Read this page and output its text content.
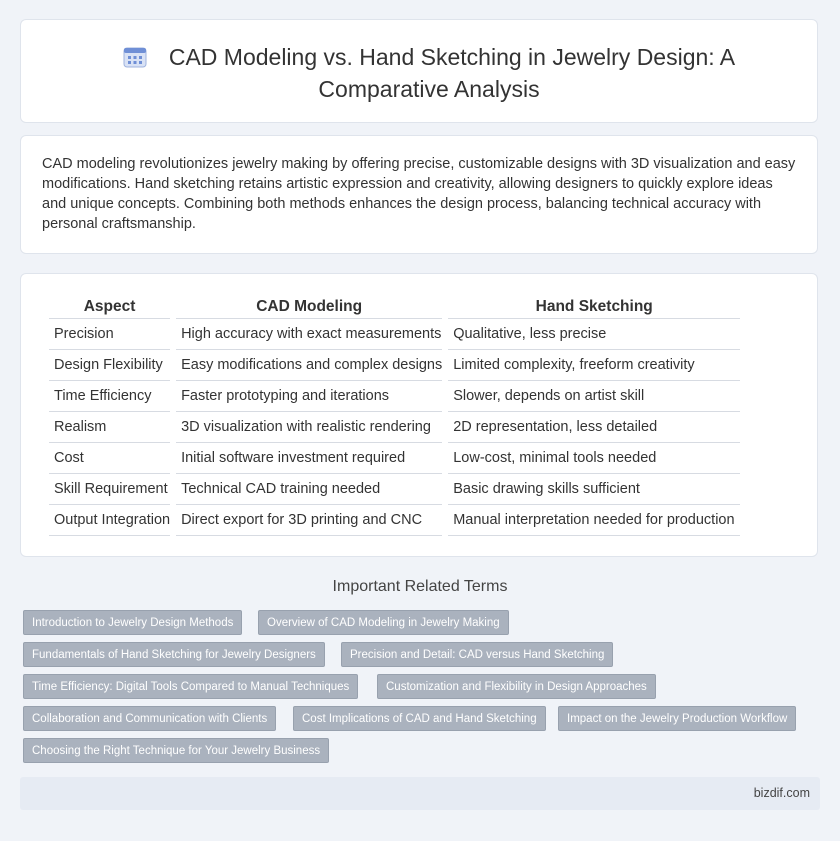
CAD Modeling vs. Hand Sketching in Jewelry Design: A Comparative Analysis

CAD modeling revolutionizes jewelry making by offering precise, customizable designs with 3D visualization and easy modifications. Hand sketching retains artistic expression and creativity, allowing designers to quickly explore ideas and unique concepts. Combining both methods enhances the design process, balancing technical accuracy with personal craftsmanship.

Aspect	CAD Modeling	Hand Sketching
Precision	High accuracy with exact measurements	Qualitative, less precise
Design Flexibility	Easy modifications and complex designs	Limited complexity, freeform creativity
Time Efficiency	Faster prototyping and iterations	Slower, depends on artist skill
Realism	3D visualization with realistic rendering	2D representation, less detailed
Cost	Initial software investment required	Low-cost, minimal tools needed
Skill Requirement	Technical CAD training needed	Basic drawing skills sufficient
Output Integration	Direct export for 3D printing and CNC	Manual interpretation needed for production
Important Related Terms
Introduction to Jewelry Design Methods	Overview of CAD Modeling in Jewelry Making
Fundamentals of Hand Sketching for Jewelry Designers	Precision and Detail: CAD versus Hand Sketching
Time Efficiency: Digital Tools Compared to Manual Techniques	Customization and Flexibility in Design Approaches
Collaboration and Communication with Clients	Cost Implications of CAD and Hand Sketching	Impact on the Jewelry Production Workflow
Choosing the Right Technique for Your Jewelry Business
bizdif.com
